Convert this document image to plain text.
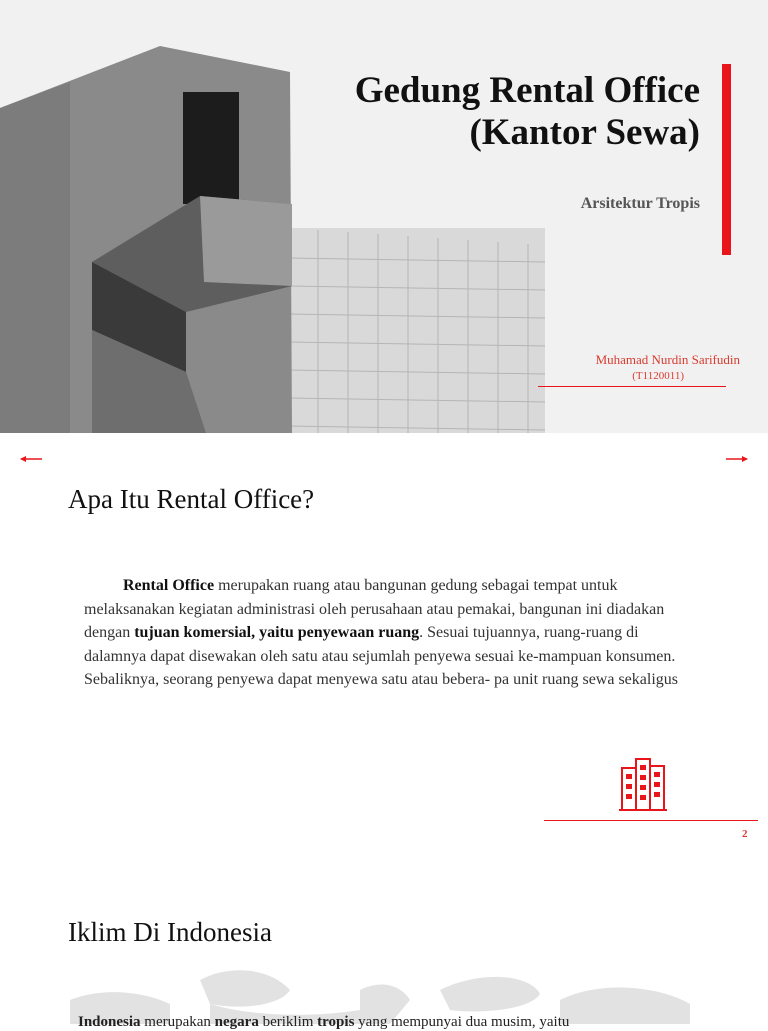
Gedung Rental Office
(Kantor Sewa)
Arsitektur Tropis
Muhamad Nurdin Sarifudin
(T1120011)
Apa Itu Rental Office?

Rental Office merupakan ruang atau bangunan gedung sebagai tempat untuk melaksanakan kegiatan administrasi oleh perusahaan atau pemakai, bangunan ini diadakan dengan tujuan komersial, yaitu penyewaan ruang. Sesuai tujuannya, ruang-ruang di dalamnya dapat disewakan oleh satu atau sejumlah penyewa sesuai ke-mampuan konsumen. Sebaliknya, seorang penyewa dapat menyewa satu atau bebera- pa unit ruang sewa sekaligus

2
Iklim Di Indonesia

Indonesia merupakan negara beriklim tropis yang mempunyai dua musim, yaitu
